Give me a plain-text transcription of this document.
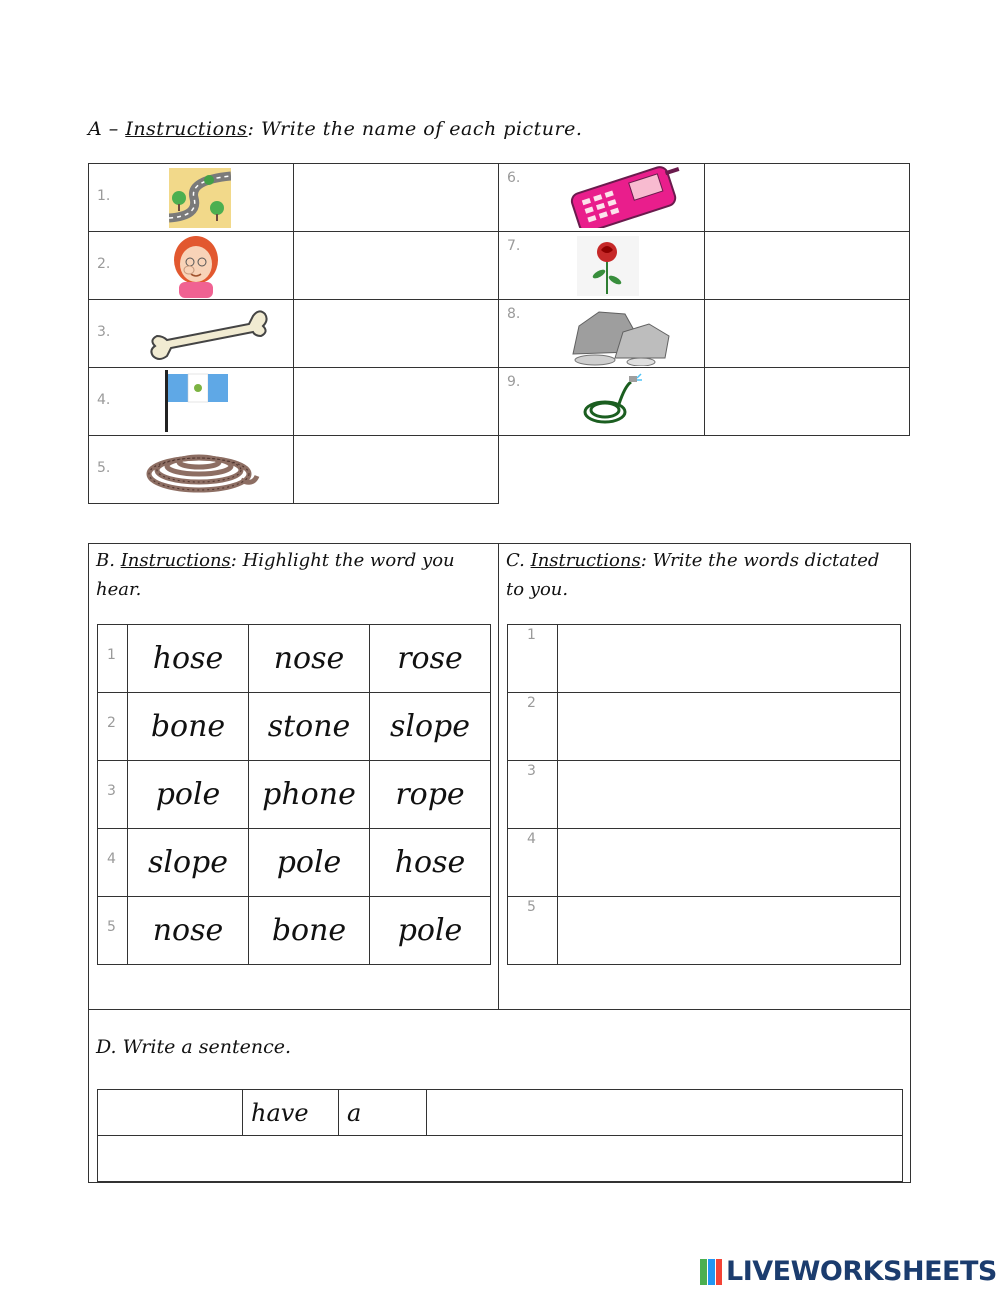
A – Instructions: Write the name of each picture.
1.	

2.	

3.	

4.	

5.	

6.	

7.	

8.	

9.	

B. Instructions: Highlight the word you hear.
C. Instructions: Write the words dictated to you.
1	hose	nose	rose

2	bone	stone	slope

3	pole	phone	rope

4	slope	pole	hose

5	nose	bone	pole
1	

2	

3	

4	

5	

D. Write a sentence.
	have	a	

LIVEWORKSHEETS
